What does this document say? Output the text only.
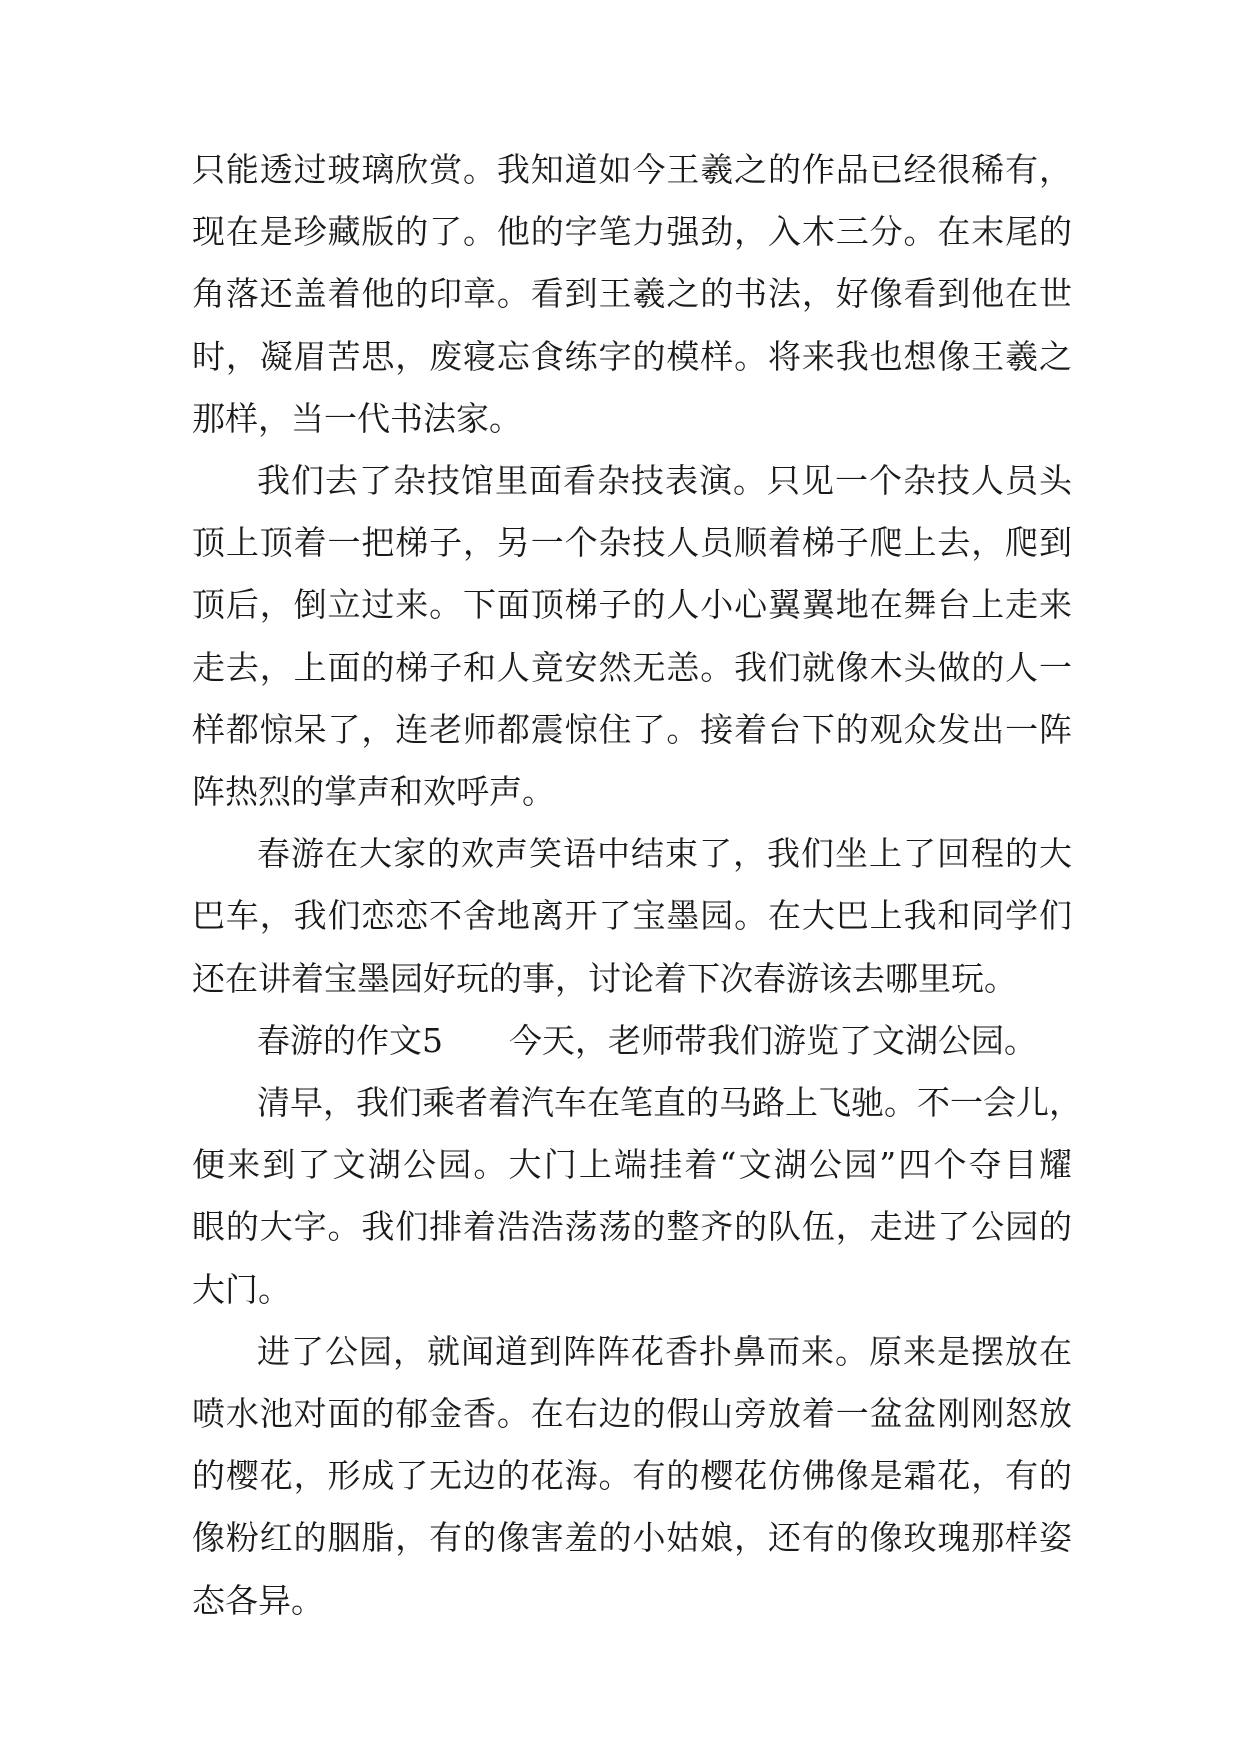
只能透过玻璃欣赏。我知道如今王羲之的作品已经很稀有，
现在是珍藏版的了。他的字笔力强劲，入木三分。在末尾的
角落还盖着他的印章。看到王羲之的书法，好像看到他在世
时，凝眉苦思，废寝忘食练字的模样。将来我也想像王羲之
那样，当一代书法家。
我们去了杂技馆里面看杂技表演。只见一个杂技人员头
顶上顶着一把梯子，另一个杂技人员顺着梯子爬上去，爬到
顶后，倒立过来。下面顶梯子的人小心翼翼地在舞台上走来
走去，上面的梯子和人竟安然无恙。我们就像木头做的人一
样都惊呆了，连老师都震惊住了。接着台下的观众发出一阵
阵热烈的掌声和欢呼声。
春游在大家的欢声笑语中结束了，我们坐上了回程的大
巴车，我们恋恋不舍地离开了宝墨园。在大巴上我和同学们
还在讲着宝墨园好玩的事，讨论着下次春游该去哪里玩。
春游的作文5 今天，老师带我们游览了文湖公园。
清早，我们乘者着汽车在笔直的马路上飞驰。不一会儿，
便来到了文湖公园。大门上端挂着“文湖公园”四个夺目耀
眼的大字。我们排着浩浩荡荡的整齐的队伍，走进了公园的
大门。
进了公园，就闻道到阵阵花香扑鼻而来。原来是摆放在
喷水池对面的郁金香。在右边的假山旁放着一盆盆刚刚怒放
的樱花，形成了无边的花海。有的樱花仿佛像是霜花，有的
像粉红的胭脂，有的像害羞的小姑娘，还有的像玫瑰那样姿
态各异。
